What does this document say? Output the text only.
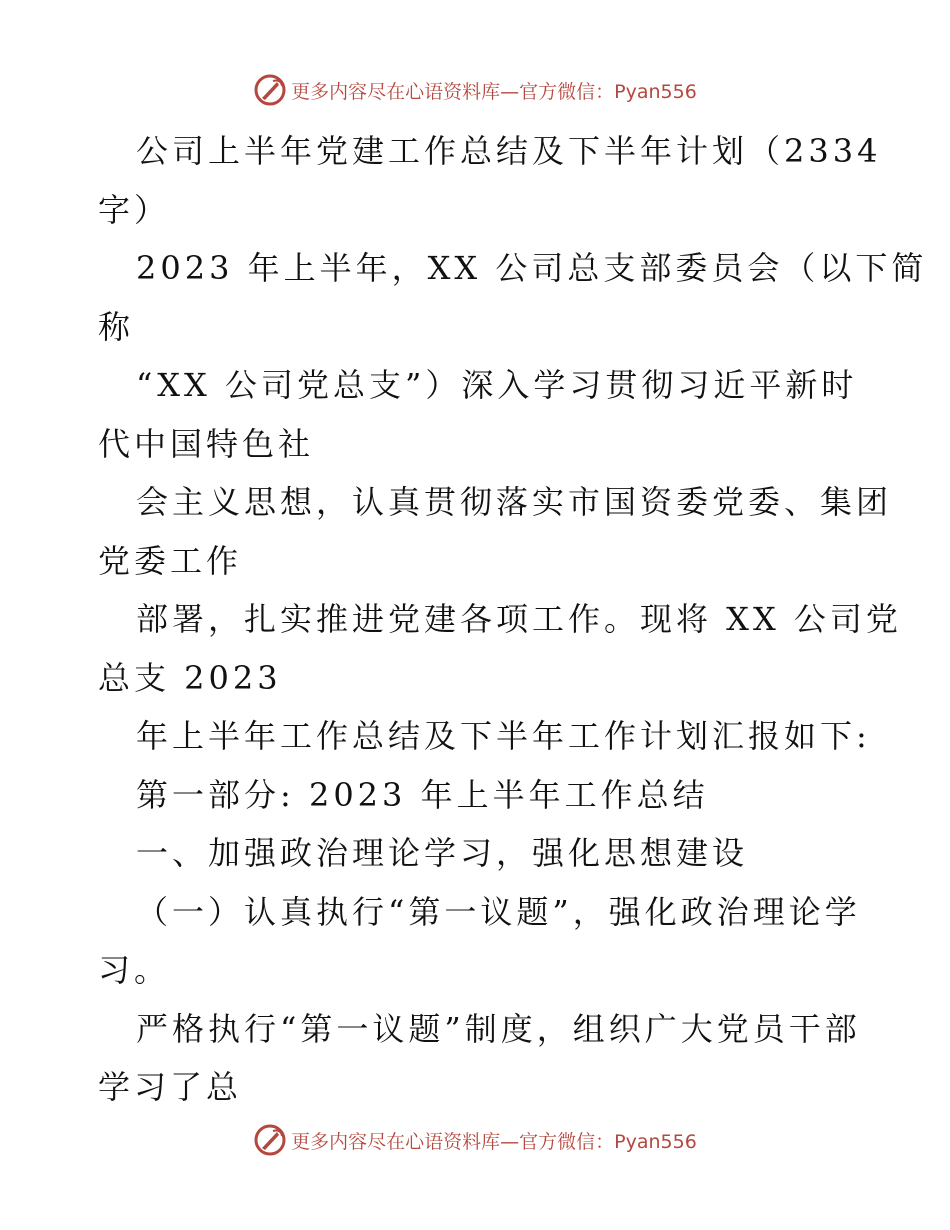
更多内容尽在心语资料库—官方微信：Pyan556

公司上半年党建工作总结及下半年计划（2334

字）

2023 年上半年，XX 公司总支部委员会（以下简

称

“XX 公司党总支”）深入学习贯彻习近平新时

代中国特色社

会主义思想，认真贯彻落实市国资委党委、集团

党委工作

部署，扎实推进党建各项工作。现将 XX 公司党

总支 2023

年上半年工作总结及下半年工作计划汇报如下:

第一部分: 2023 年上半年工作总结

一、加强政治理论学习，强化思想建设

（一）认真执行“第一议题”，强化政治理论学

习。

严格执行“第一议题”制度，组织广大党员干部

学习了总

更多内容尽在心语资料库—官方微信：Pyan556
